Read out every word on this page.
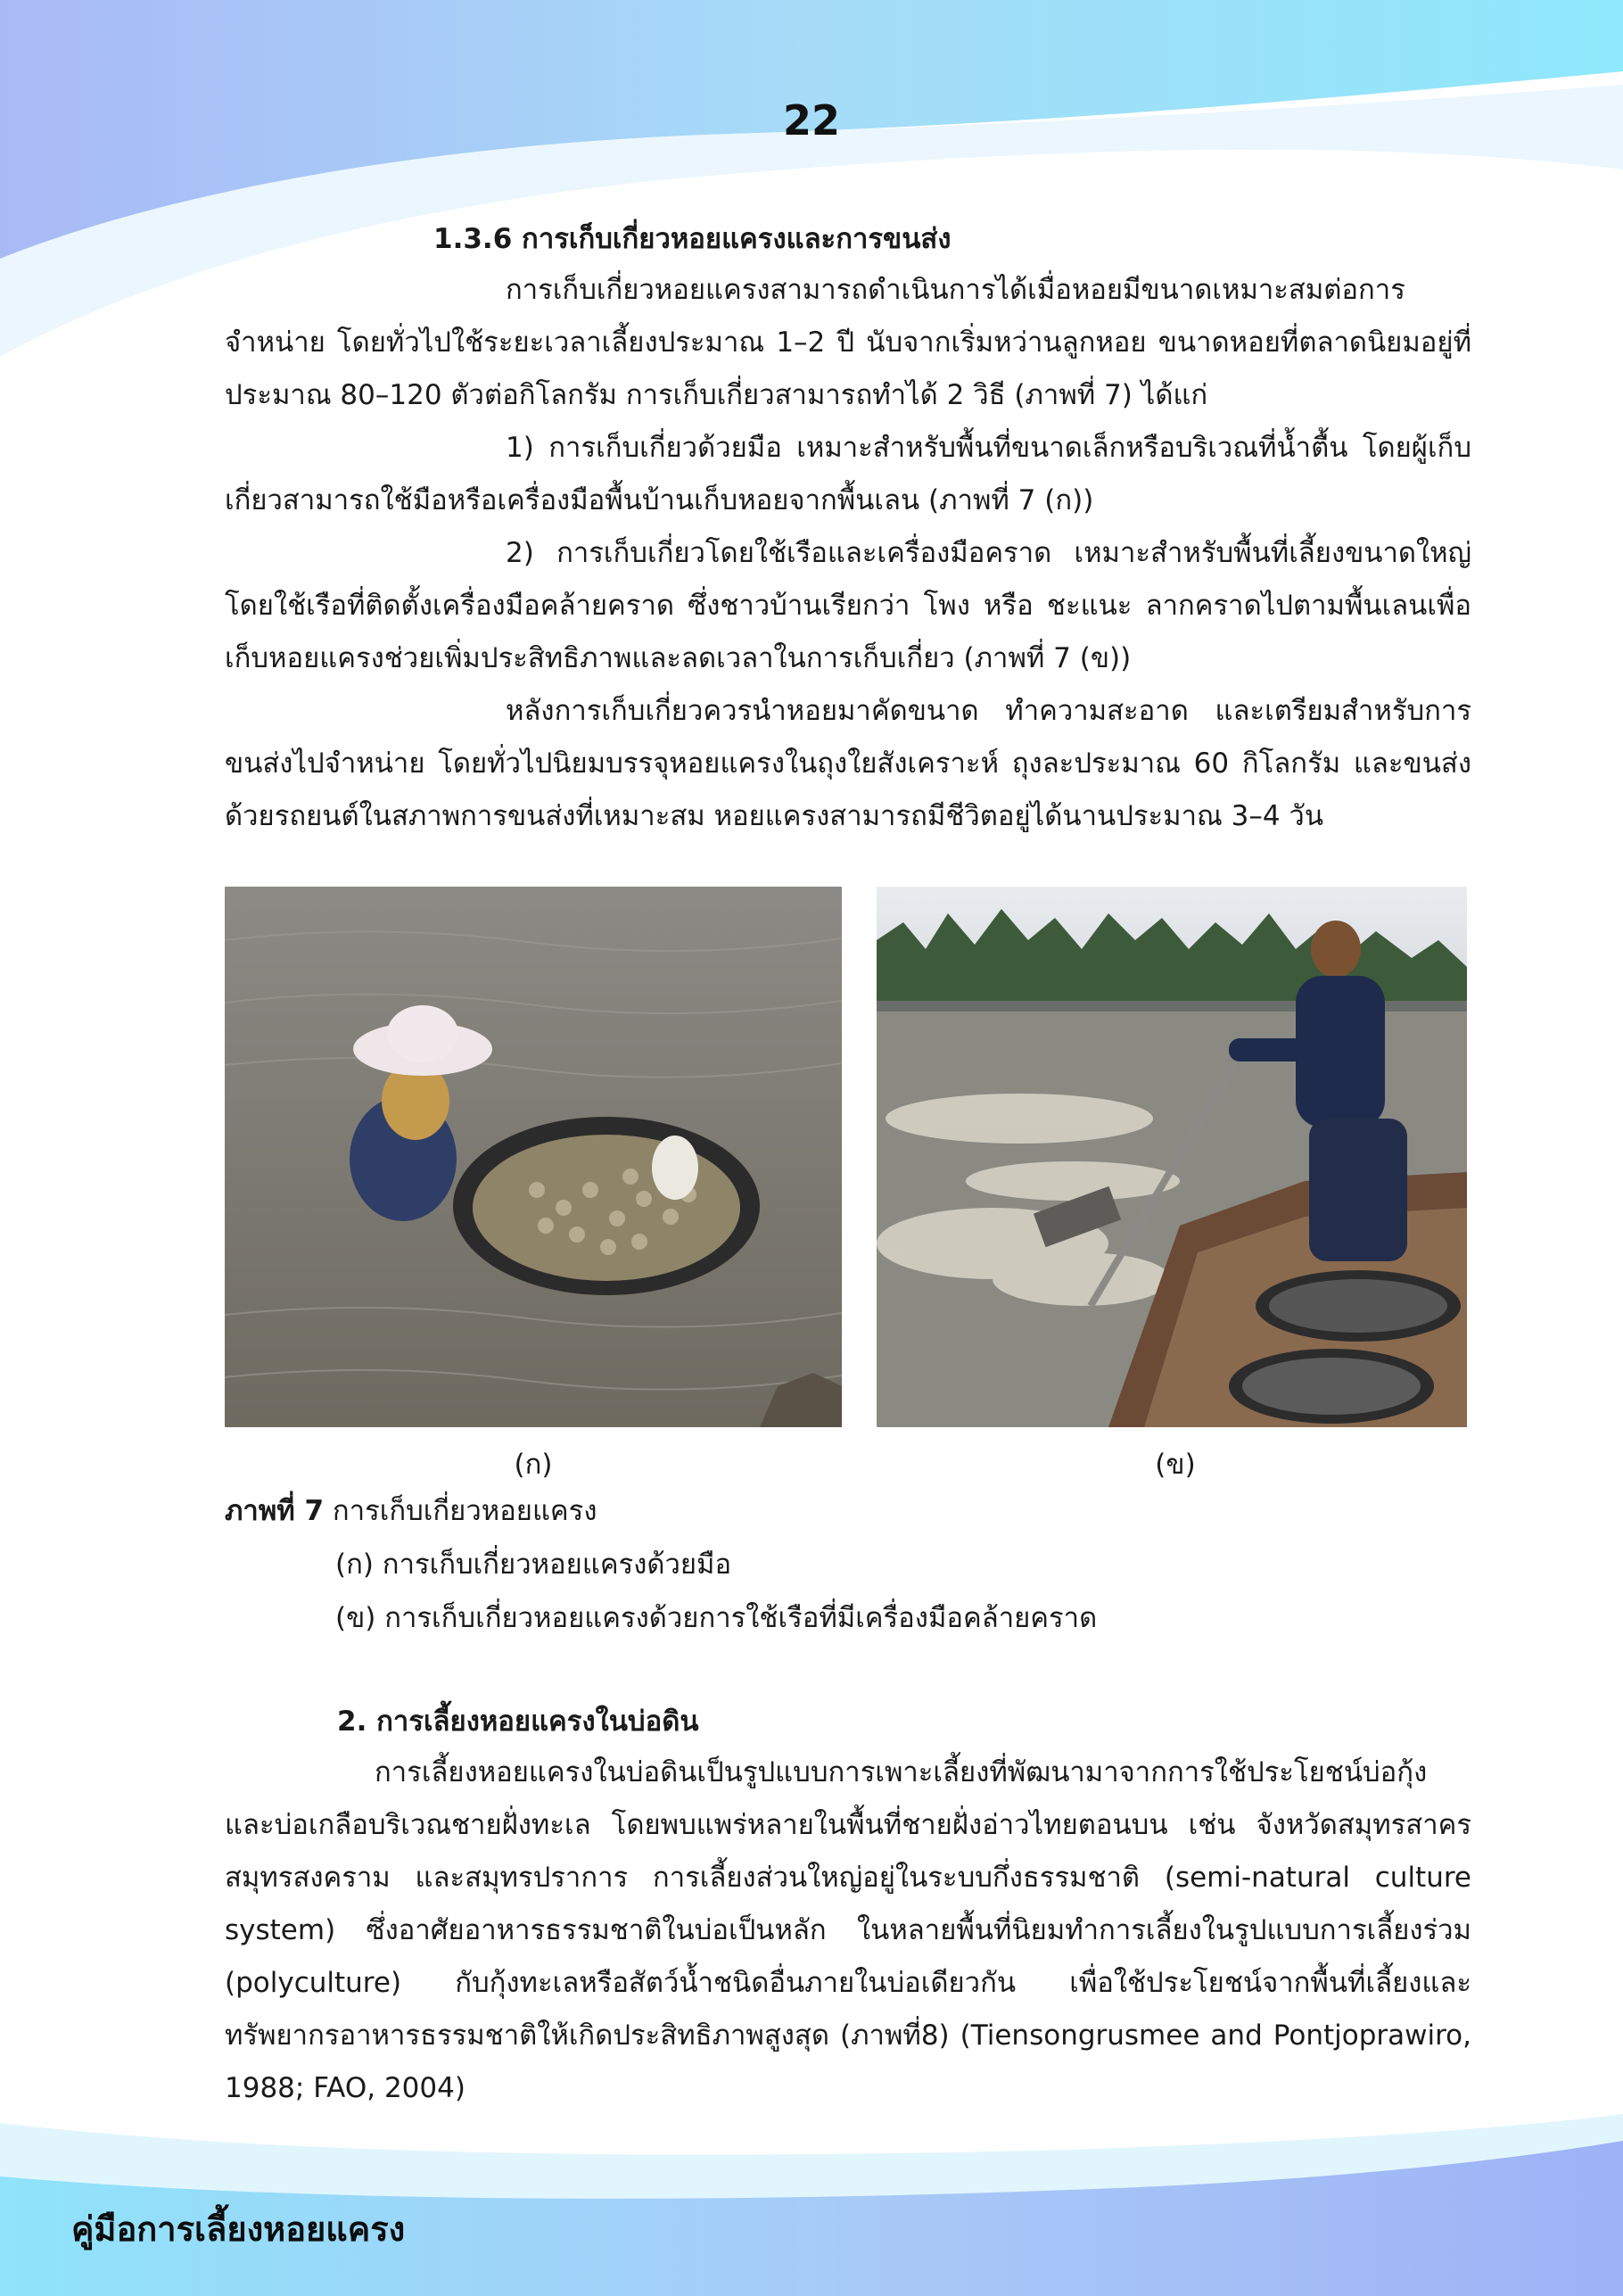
22

1.3.6 การเก็บเกี่ยวหอยแครงและการขนส่ง

การเก็บเกี่ยวหอยแครงสามารถดำเนินการได้เมื่อหอยมีขนาดเหมาะสมต่อการจำหน่าย โดยทั่วไปใช้ระยะเวลาเลี้ยงประมาณ 1–2 ปี นับจากเริ่มหว่านลูกหอย ขนาดหอยที่ตลาดนิยมอยู่ที่ประมาณ 80–120 ตัวต่อกิโลกรัม การเก็บเกี่ยวสามารถทำได้ 2 วิธี (ภาพที่ 7) ได้แก่

1) การเก็บเกี่ยวด้วยมือ เหมาะสำหรับพื้นที่ขนาดเล็กหรือบริเวณที่น้ำตื้น โดยผู้เก็บเกี่ยวสามารถใช้มือหรือเครื่องมือพื้นบ้านเก็บหอยจากพื้นเลน (ภาพที่ 7 (ก))

2) การเก็บเกี่ยวโดยใช้เรือและเครื่องมือคราด เหมาะสำหรับพื้นที่เลี้ยงขนาดใหญ่ โดยใช้เรือที่ติดตั้งเครื่องมือคล้ายคราด ซึ่งชาวบ้านเรียกว่า โพง หรือ ชะแนะ ลากคราดไปตามพื้นเลนเพื่อเก็บหอยแครงช่วยเพิ่มประสิทธิภาพและลดเวลาในการเก็บเกี่ยว (ภาพที่ 7 (ข))

หลังการเก็บเกี่ยวควรนำหอยมาคัดขนาด ทำความสะอาด และเตรียมสำหรับการขนส่งไปจำหน่าย โดยทั่วไปนิยมบรรจุหอยแครงในถุงใยสังเคราะห์ ถุงละประมาณ 60 กิโลกรัม และขนส่งด้วยรถยนต์ในสภาพการขนส่งที่เหมาะสม หอยแครงสามารถมีชีวิตอยู่ได้นานประมาณ 3–4 วัน

(ก)	(ข)
ภาพที่ 7 การเก็บเกี่ยวหอยแครง
(ก) การเก็บเกี่ยวหอยแครงด้วยมือ
(ข) การเก็บเกี่ยวหอยแครงด้วยการใช้เรือที่มีเครื่องมือคล้ายคราด

2. การเลี้ยงหอยแครงในบ่อดิน

การเลี้ยงหอยแครงในบ่อดินเป็นรูปแบบการเพาะเลี้ยงที่พัฒนามาจากการใช้ประโยชน์บ่อกุ้งและบ่อเกลือบริเวณชายฝั่งทะเล โดยพบแพร่หลายในพื้นที่ชายฝั่งอ่าวไทยตอนบน เช่น จังหวัดสมุทรสาคร สมุทรสงคราม และสมุทรปราการ การเลี้ยงส่วนใหญ่อยู่ในระบบกึ่งธรรมชาติ (semi-natural culture system) ซึ่งอาศัยอาหารธรรมชาติในบ่อเป็นหลัก ในหลายพื้นที่นิยมทำการเลี้ยงในรูปแบบการเลี้ยงร่วม (polyculture) กับกุ้งทะเลหรือสัตว์น้ำชนิดอื่นภายในบ่อเดียวกัน เพื่อใช้ประโยชน์จากพื้นที่เลี้ยงและทรัพยากรอาหารธรรมชาติให้เกิดประสิทธิภาพสูงสุด (ภาพที่8) (Tiensongrusmee and Pontjoprawiro, 1988; FAO, 2004)

คู่มือการเลี้ยงหอยแครง
